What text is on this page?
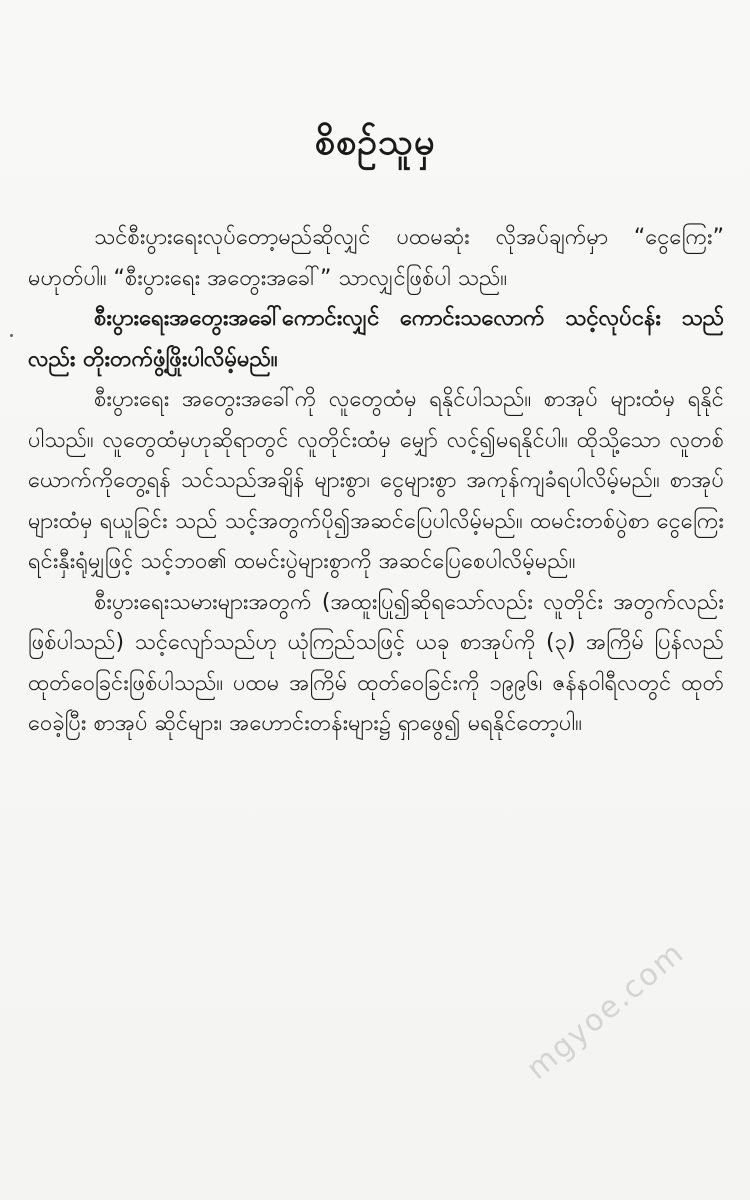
စိစဥ်သူမှ

သင်စီးပွားရေးလုပ်တော့မည်ဆိုလျှင် ပထမဆုံး လိုအပ်ချက်မှာ “ငွေကြေး” မဟုတ်ပါ။ “စီးပွားရေး အတွေးအခေါ်” သာလျှင်ဖြစ်ပါ သည်။

စီးပွားရေးအတွေးအခေါ်ကောင်းလျှင် ကောင်းသလောက် သင့်လုပ်ငန်း သည်လည်း တိုးတက်ဖွံ့ဖြိုးပါလိမ့်မည်။

စီးပွားရေး အတွေးအခေါ်ကို လူတွေထံမှ ရနိုင်ပါသည်။ စာအုပ် များထံမှ ရနိုင်ပါသည်။ လူတွေထံမှဟုဆိုရာတွင် လူတိုင်းထံမှ မျှော် လင့်၍မရနိုင်ပါ။ ထိုသို့သော လူတစ်ယောက်ကိုတွေ့ရန် သင်သည်အချိန် များစွာ၊ ငွေများစွာ အကုန်ကျခံရပါလိမ့်မည်။ စာအုပ်များထံမှ ရယူခြင်း သည် သင့်အတွက်ပို၍အဆင်ပြေပါလိမ့်မည်။ ထမင်းတစ်ပွဲစာ ငွေကြေး ရင်းနှီးရုံမျှဖြင့် သင့်ဘဝ၏ ထမင်းပွဲများစွာကို အဆင်ပြေစေပါလိမ့်မည်။

စီးပွားရေးသမားများအတွက် (အထူးပြု၍ဆိုရသော်လည်း လူတိုင်း အတွက်လည်းဖြစ်ပါသည်) သင့်လျော်သည်ဟု ယုံကြည်သဖြင့် ယခု စာအုပ်ကို (၃) အကြိမ် ပြန်လည်ထုတ်ဝေခြင်းဖြစ်ပါသည်။ ပထမ အကြိမ် ထုတ်ဝေခြင်းကို ၁၉၉၆၊ ဇန်နဝါရီလတွင် ထုတ်ဝေခဲ့ပြီး စာအုပ် ဆိုင်များ၊ အဟောင်းတန်းများ၌ ရှာဖွေ၍ မရနိုင်တော့ပါ။

mgyoe.com
